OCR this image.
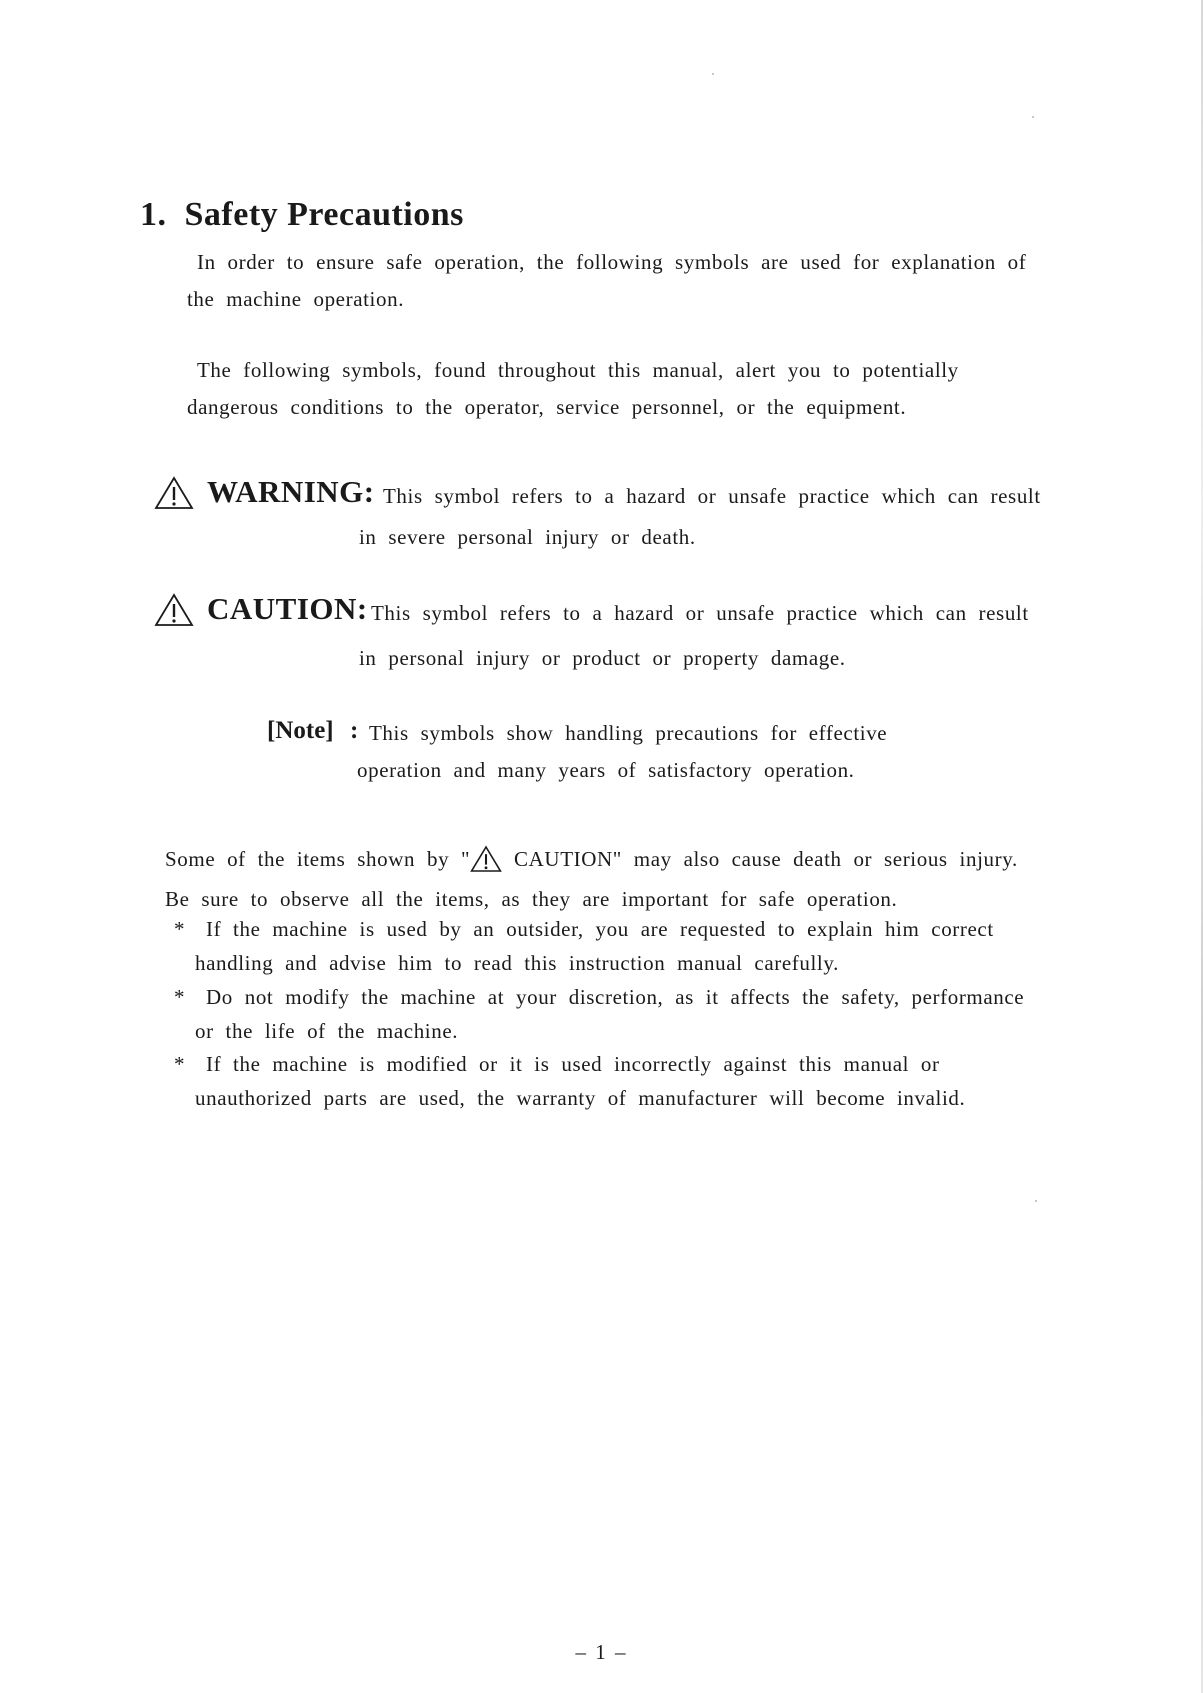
1. Safety Precautions
In order to ensure safe operation, the following symbols are used for explanation of
the machine operation.
The following symbols, found throughout this manual, alert you to potentially
dangerous conditions to the operator, service personnel, or the equipment.
WARNING: This symbol refers to a hazard or unsafe practice which can result
in severe personal injury or death.
CAUTION: This symbol refers to a hazard or unsafe practice which can result
in personal injury or product or property damage.
[Note] : This symbols show handling precautions for effective
operation and many years of satisfactory operation.
Some of the items shown by " CAUTION" may also cause death or serious injury.
Be sure to observe all the items, as they are important for safe operation.
* If the machine is used by an outsider, you are requested to explain him correct
handling and advise him to read this instruction manual carefully.
* Do not modify the machine at your discretion, as it affects the safety, performance
or the life of the machine.
* If the machine is modified or it is used incorrectly against this manual or
unauthorized parts are used, the warranty of manufacturer will become invalid.
– 1 –
